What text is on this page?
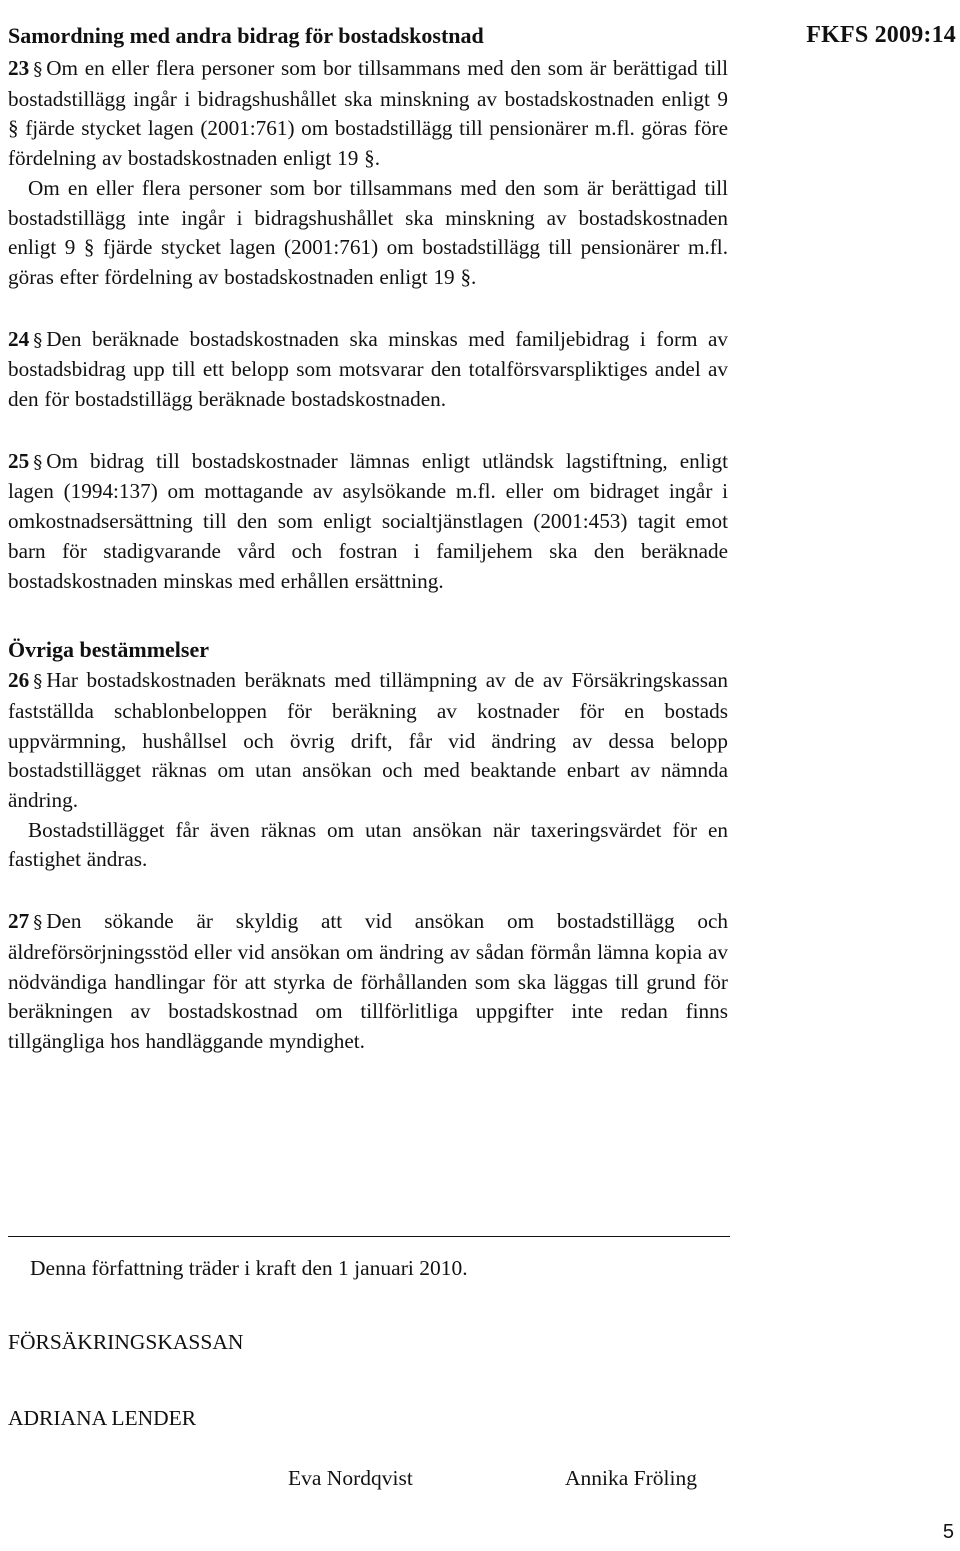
FKFS 2009:14
Samordning med andra bidrag för bostadskostnad

23 § Om en eller flera personer som bor tillsammans med den som är berättigad till bostadstillägg ingår i bidragshushållet ska minskning av bostadskostnaden enligt 9 § fjärde stycket lagen (2001:761) om bostadstillägg till pensionärer m.fl. göras före fördelning av bostadskostnaden enligt 19 §.

Om en eller flera personer som bor tillsammans med den som är berättigad till bostadstillägg inte ingår i bidragshushållet ska minskning av bostadskostnaden enligt 9 § fjärde stycket lagen (2001:761) om bostadstillägg till pensionärer m.fl. göras efter fördelning av bostadskostnaden enligt 19 §.

24 § Den beräknade bostadskostnaden ska minskas med familjebidrag i form av bostadsbidrag upp till ett belopp som motsvarar den totalförsvarspliktiges andel av den för bostadstillägg beräknade bostadskostnaden.

25 § Om bidrag till bostadskostnader lämnas enligt utländsk lagstiftning, enligt lagen (1994:137) om mottagande av asylsökande m.fl. eller om bidraget ingår i omkostnadsersättning till den som enligt socialtjänstlagen (2001:453) tagit emot barn för stadigvarande vård och fostran i familjehem ska den beräknade bostadskostnaden minskas med erhållen ersättning.

Övriga bestämmelser

26 § Har bostadskostnaden beräknats med tillämpning av de av Försäkringskassan fastställda schablonbeloppen för beräkning av kostnader för en bostads uppvärmning, hushållsel och övrig drift, får vid ändring av dessa belopp bostadstillägget räknas om utan ansökan och med beaktande enbart av nämnda ändring.

Bostadstillägget får även räknas om utan ansökan när taxeringsvärdet för en fastighet ändras.

27 § Den sökande är skyldig att vid ansökan om bostadstillägg och äldreförsörjningsstöd eller vid ansökan om ändring av sådan förmån lämna kopia av nödvändiga handlingar för att styrka de förhållanden som ska läggas till grund för beräkningen av bostadskostnad om tillförlitliga uppgifter inte redan finns tillgängliga hos handläggande myndighet.

Denna författning träder i kraft den 1 januari 2010.
FÖRSÄKRINGSKASSAN
ADRIANA LENDER
Eva Nordqvist	Annika Fröling
5
